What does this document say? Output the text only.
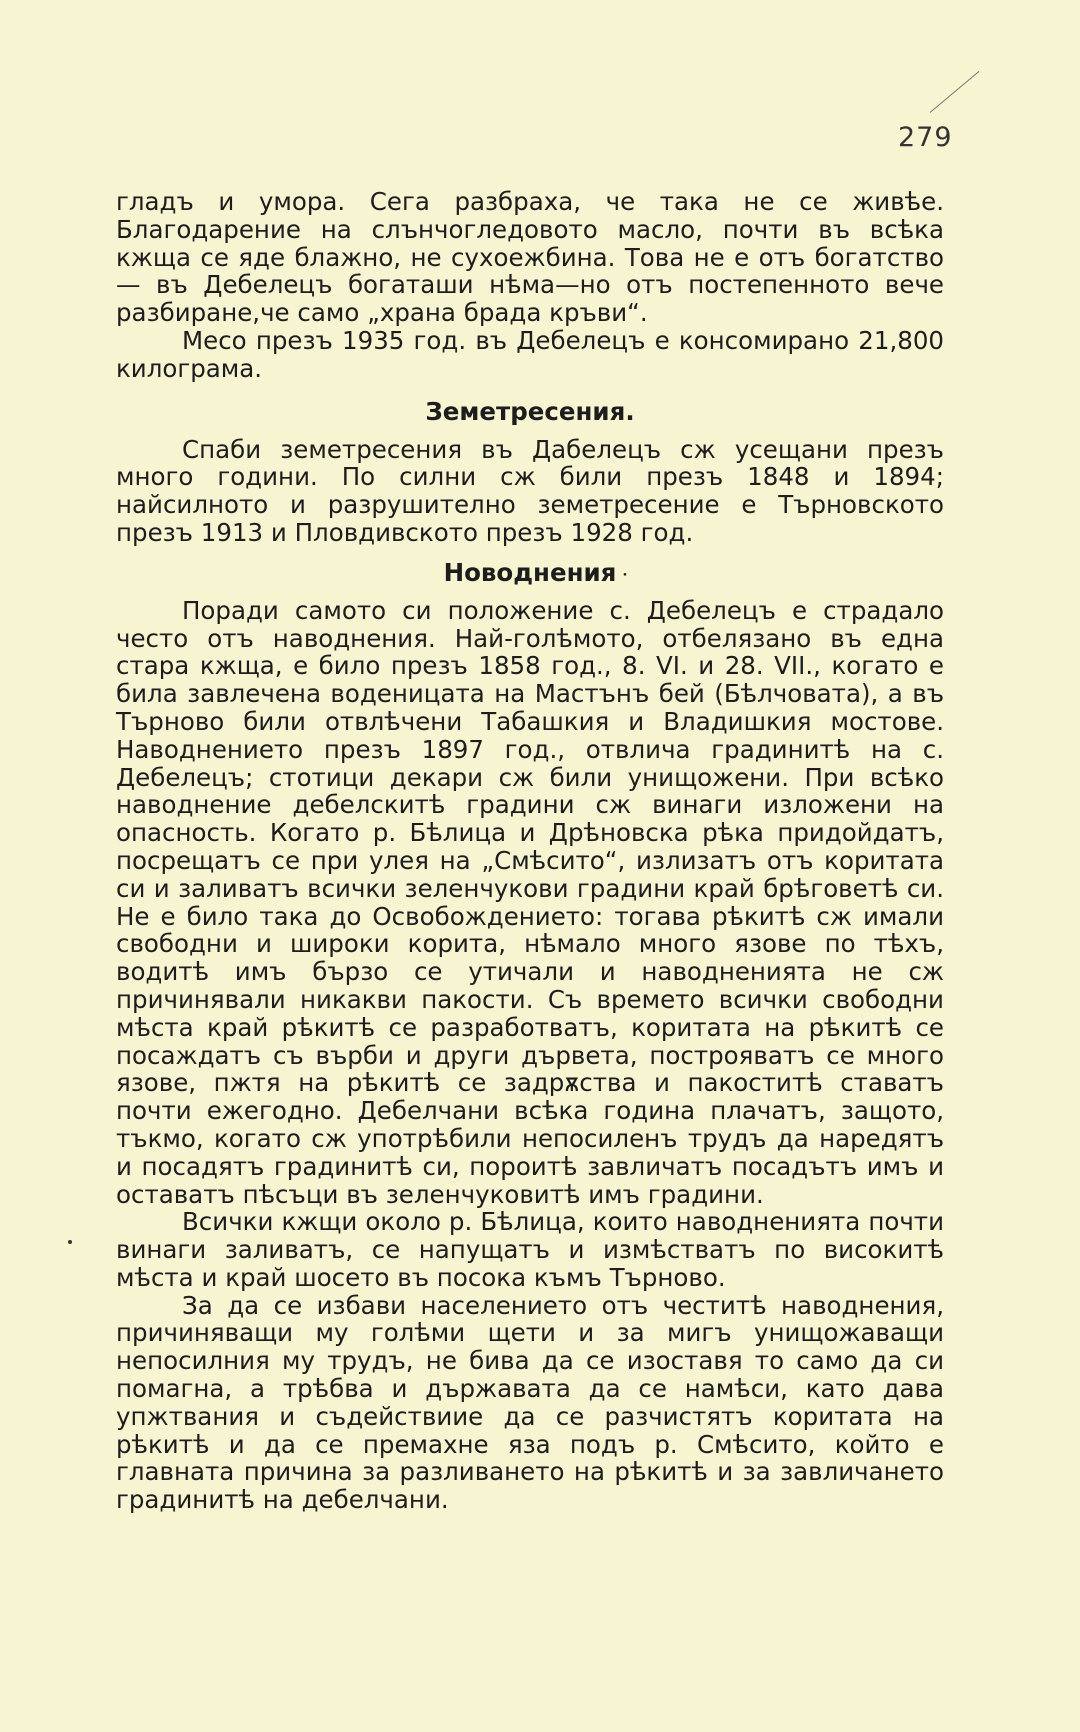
279

гладъ и умора. Сега разбраха, че така не се живѣе. Благодарение на слънчогледовото масло, почти въ всѣка кжща се яде блажно, не сухоежбина. Това не е отъ богатство— въ Дебелецъ богаташи нѣма—но отъ постепенното вече разбиране,че само „храна брада кръви“.

Месо презъ 1935 год. въ Дебелецъ е консомирано 21,800 килограма.

Земетресения.

Спаби земетресения въ Дабелецъ сж усещани презъ много години. По силни сж били презъ 1848 и 1894; найсилното и разрушително земетресение е Търновското презъ 1913 и Пловдивското презъ 1928 год.

Новодненияּ

Поради самото си положение с. Дебелецъ е страдало често отъ наводнения. Най-голѣмото, отбелязано въ една стара кжща, е било презъ 1858 год., 8. VI. и 28. VII., когато е била завлечена воденицата на Мастънъ бей (Бѣлчовата), а въ Търново били отвлѣчени Табашкия и Владишкия мостове. Наводнението презъ 1897 год., отвлича градинитѣ на с. Дебелецъ; стотици декари сж били унищожени. При всѣко наводнение дебелскитѣ градини сж винаги изложени на опасность. Когато р. Бѣлица и Дрѣновска рѣка придойдатъ, посрещатъ се при улея на „Смѣсито“, излизатъ отъ коритата си и заливатъ всички зеленчукови градини край брѣговетѣ си. Не е било така до Освобождението: тогава рѣкитѣ сж имали свободни и широки корита, нѣмало много язове по тѣхъ, водитѣ имъ бързо се утичали и наводненията не сж причинявали никакви пакости. Съ времето всички свободни мѣста край рѣкитѣ се разработватъ, коритата на рѣкитѣ се посаждатъ съ върби и други дървета, построяватъ се много язове, пжтя на рѣкитѣ се задрѫства и пакоститѣ ставатъ почти ежегодно. Дебелчани всѣка година плачатъ, защото, тъкмо, когато сж употрѣбили непосиленъ трудъ да наредятъ и посадятъ градинитѣ си, пороитѣ завличатъ посадътъ имъ и оставатъ пѣсъци въ зеленчуковитѣ имъ градини.

Всички кжщи около р. Бѣлица, които наводненията почти винаги заливатъ, се напущатъ и измѣстватъ по високитѣ мѣста и край шосето въ посока къмъ Търново.

За да се избави населението отъ честитѣ наводнения, причиняващи му голѣми щети и за мигъ унищожаващи непосилния му трудъ, не бива да се изоставя то само да си помагна, а трѣбва и държавата да се намѣси, като дава упжтвания и съдействиие да се разчистятъ коритата на рѣкитѣ и да се премахне яза подъ р. Смѣсито, който е главната причина за разливането на рѣкитѣ и за завличането градинитѣ на дебелчани.
